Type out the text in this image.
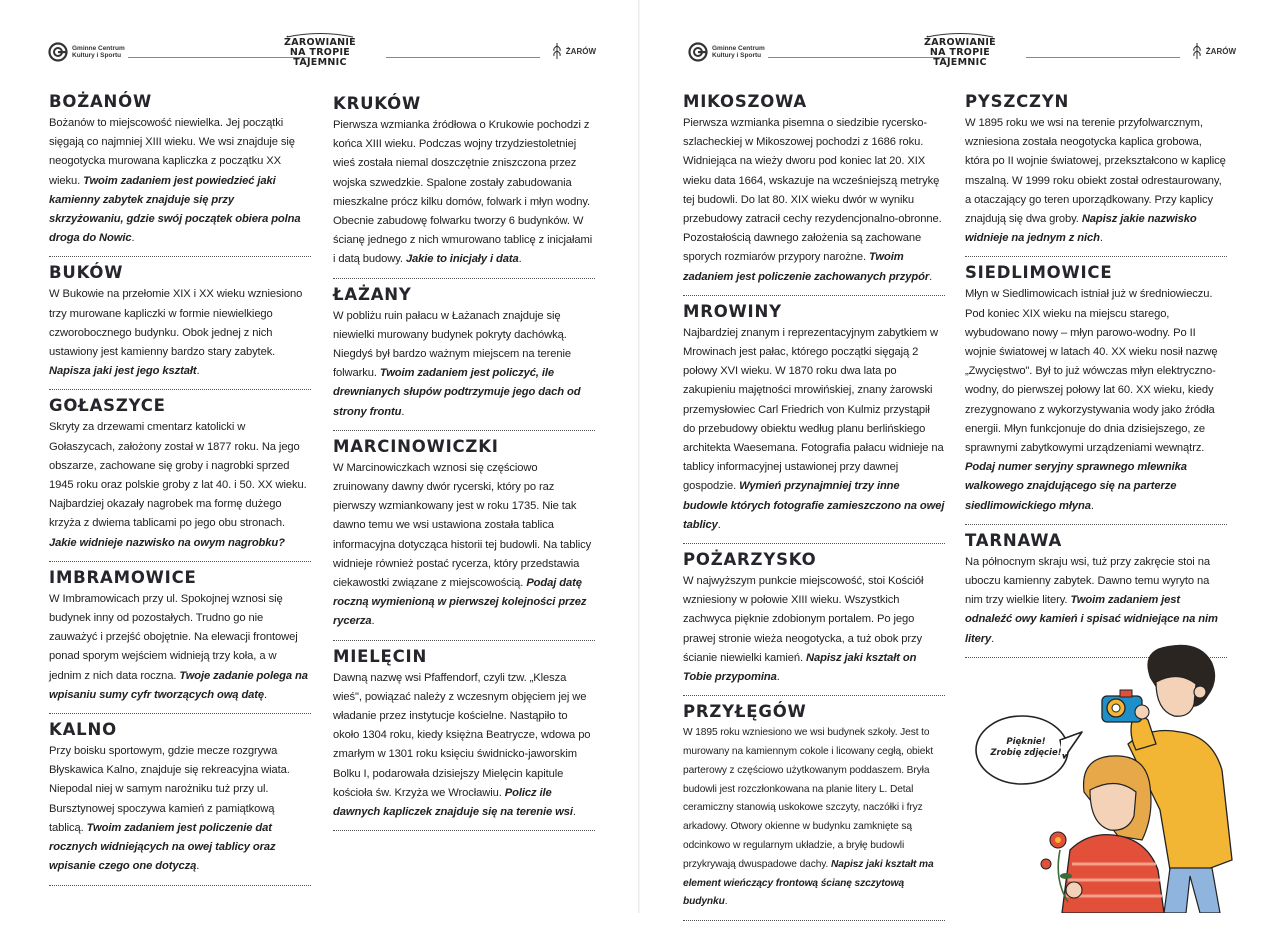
Gminne Centrum
Kultury i Sportu
ŻAROWIANIE
NA TROPIE TAJEMNIC
ŻARÓW
BOŻANÓW

Bożanów to miejscowość niewielka. Jej początki sięgają co najmniej XIII wieku. We wsi znajduje się neogotycka murowana kapliczka z początku XX wieku. Twoim zadaniem jest powiedzieć jaki kamienny zabytek znajduje się przy skrzyżowaniu, gdzie swój początek obiera polna droga do Nowic.

BUKÓW

W Bukowie na przełomie XIX i XX wieku wzniesiono trzy murowane kapliczki w formie niewielkiego czworobocznego budynku. Obok jednej z nich ustawiony jest kamienny bardzo stary zabytek. Napisza jaki jest jego kształt.

GOŁASZYCE

Skryty za drzewami cmentarz katolicki w Gołaszycach, założony został w 1877 roku. Na jego obszarze, zachowane się groby i nagrobki sprzed 1945 roku oraz polskie groby z lat 40. i 50. XX wieku. Najbardziej okazały nagrobek ma formę dużego krzyża z dwiema tablicami po jego obu stronach. Jakie widnieje nazwisko na owym nagrobku?

IMBRAMOWICE

W Imbramowicach przy ul. Spokojnej wznosi się budynek inny od pozostałych. Trudno go nie zauważyć i przejść obojętnie. Na elewacji frontowej ponad sporym wejściem widnieją trzy koła, a w jednim z nich data roczna. Twoje zadanie polega na wpisaniu sumy cyfr tworzących ową datę.

KALNO

Przy boisku sportowym, gdzie mecze rozgrywa Błyskawica Kalno, znajduje się rekreacyjna wiata. Niepodal niej w samym narożniku tuż przy ul. Bursztynowej spoczywa kamień z pamiątkową tablicą. Twoim zadaniem jest policzenie dat rocznych widniejących na owej tablicy oraz wpisanie czego one dotyczą.

KRUKÓW

Pierwsza wzmianka źródłowa o Krukowie pochodzi z końca XIII wieku. Podczas wojny trzydziestoletniej wieś została niemal doszczętnie zniszczona przez wojska szwedzkie. Spalone zostały zabudowania mieszkalne prócz kilku domów, folwark i młyn wodny. Obecnie zabudowę folwarku tworzy 6 budynków. W ścianę jednego z nich wmurowano tablicę z inicjałami i datą budowy. Jakie to inicjały i data.

ŁAŻANY

W pobliżu ruin pałacu w Łażanach znajduje się niewielki murowany budynek pokryty dachówką. Niegdyś był bardzo ważnym miejscem na terenie folwarku. Twoim zadaniem jest policzyć, ile drewnianych słupów podtrzymuje jego dach od strony frontu.

MARCINOWICZKI

W Marcinowiczkach wznosi się częściowo zruinowany dawny dwór rycerski, który po raz pierwszy wzmiankowany jest w roku 1735. Nie tak dawno temu we wsi ustawiona została tablica informacyjna dotycząca historii tej budowli. Na tablicy widnieje również postać rycerza, który przedstawia ciekawostki związane z miejscowością. Podaj datę roczną wymienioną w pierwszej kolejności przez rycerza.

MIELĘCIN

Dawną nazwę wsi Pfaffendorf, czyli tzw. „Klesza wieś", powiązać należy z wczesnym objęciem jej we władanie przez instytucje kościelne. Nastąpiło to około 1304 roku, kiedy księżna Beatrycze, wdowa po zmarłym w 1301 roku księciu świdnicko-jaworskim Bolku I, podarowała dzisiejszy Mielęcin kapitule kościoła św. Krzyża we Wrocławiu. Policz ile dawnych kapliczek znajduje się na terenie wsi.

Gminne Centrum
Kultury i Sportu
ŻAROWIANIE
NA TROPIE TAJEMNIC
ŻARÓW
MIKOSZOWA

Pierwsza wzmianka pisemna o siedzibie rycersko-szlacheckiej w Mikoszowej pochodzi z 1686 roku. Widniejąca na wieży dworu pod koniec lat 20. XIX wieku data 1664, wskazuje na wcześniejszą metrykę tej budowli. Do lat 80. XIX wieku dwór w wyniku przebudowy zatracił cechy rezydencjonalno-obronne. Pozostałością dawnego założenia są zachowane sporych rozmiarów przypory narożne. Twoim zadaniem jest policzenie zachowanych przypór.

MROWINY

Najbardziej znanym i reprezentacyjnym zabytkiem w Mrowinach jest pałac, którego początki sięgają 2 połowy XVI wieku. W 1870 roku dwa lata po zakupieniu majętności mrowińskiej, znany żarowski przemysłowiec Carl Friedrich von Kulmiz przystąpił do przebudowy obiektu według planu berlińskiego architekta Waesemana. Fotografia pałacu widnieje na tablicy informacyjnej ustawionej przy dawnej gospodzie. Wymień przynajmniej trzy inne budowle których fotografie zamieszczono na owej tablicy.

POŻARZYSKO

W najwyższym punkcie miejscowość, stoi Kościół wzniesiony w połowie XIII wieku. Wszystkich zachwyca pięknie zdobionym portalem. Po jego prawej stronie wieża neogotycka, a tuż obok przy ścianie niewielki kamień. Napisz jaki kształt on Tobie przypomina.

PRZYŁĘGÓW

W 1895 roku wzniesiono we wsi budynek szkoły. Jest to murowany na kamiennym cokole i licowany cegłą, obiekt parterowy z częściowo użytkowanym poddaszem. Bryła budowli jest rozczłonkowana na planie litery L. Detal ceramiczny stanowią uskokowe szczyty, naczółki i fryz arkadowy. Otwory okienne w budynku zamknięte są odcinkowo w regularnym układzie, a bryłę budowli przykrywają dwuspadowe dachy. Napisz jaki kształt ma element wieńczący frontową ścianę szczytową budynku.

PYSZCZYN

W 1895 roku we wsi na terenie przyfolwarcznym, wzniesiona została neogotycka kaplica grobowa, która po II wojnie światowej, przekształcono w kaplicę mszalną. W 1999 roku obiekt został odrestaurowany, a otaczający go teren uporządkowany. Przy kaplicy znajdują się dwa groby. Napisz jakie nazwisko widnieje na jednym z nich.

SIEDLIMOWICE

Młyn w Siedlimowicach istniał już w średniowieczu. Pod koniec XIX wieku na miejscu starego, wybudowano nowy – młyn parowo-wodny. Po II wojnie światowej w latach 40. XX wieku nosił nazwę „Zwycięstwo". Był to już wówczas młyn elektryczno-wodny, do pierwszej połowy lat 60. XX wieku, kiedy zrezygnowano z wykorzystywania wody jako źródła energii. Młyn funkcjonuje do dnia dzisiejszego, ze sprawnymi zabytkowymi urządzeniami wewnątrz. Podaj numer seryjny sprawnego mlewnika walkowego znajdującego się na parterze siedlimowickiego młyna.

TARNAWA

Na północnym skraju wsi, tuż przy zakręcie stoi na uboczu kamienny zabytek. Dawno temu wyryto na nim trzy wielkie litery. Twoim zadaniem jest odnaleźć owy kamień i spisać widniejące na nim litery.

Pięknie!
Zrobię zdjęcie!
